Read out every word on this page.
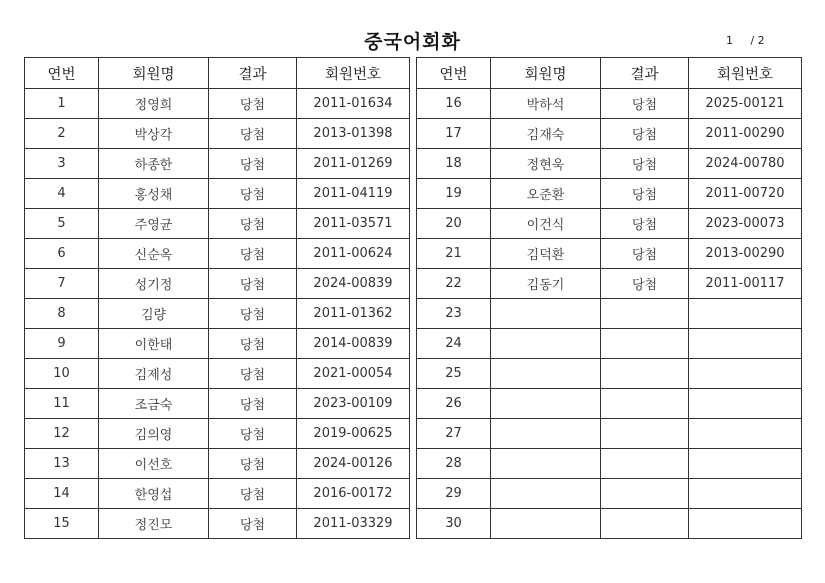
중국어회화	1     / 2
연번	회원명	결과	회원번호
1	정영희	당첨	2011-01634
2	박상각	당첨	2013-01398
3	하종한	당첨	2011-01269
4	홍성채	당첨	2011-04119
5	주영균	당첨	2011-03571
6	신순옥	당첨	2011-00624
7	성기정	당첨	2024-00839
8	김량	당첨	2011-01362
9	이한태	당첨	2014-00839
10	김제성	당첨	2021-00054
11	조금숙	당첨	2023-00109
12	김의영	당첨	2019-00625
13	이선호	당첨	2024-00126
14	한영섭	당첨	2016-00172
15	정진모	당첨	2011-03329
연번	회원명	결과	회원번호
16	박하석	당첨	2025-00121
17	김재숙	당첨	2011-00290
18	정현욱	당첨	2024-00780
19	오준환	당첨	2011-00720
20	이건식	당첨	2023-00073
21	김덕환	당첨	2013-00290
22	김동기	당첨	2011-00117
23			
24			
25			
26			
27			
28			
29			
30			
